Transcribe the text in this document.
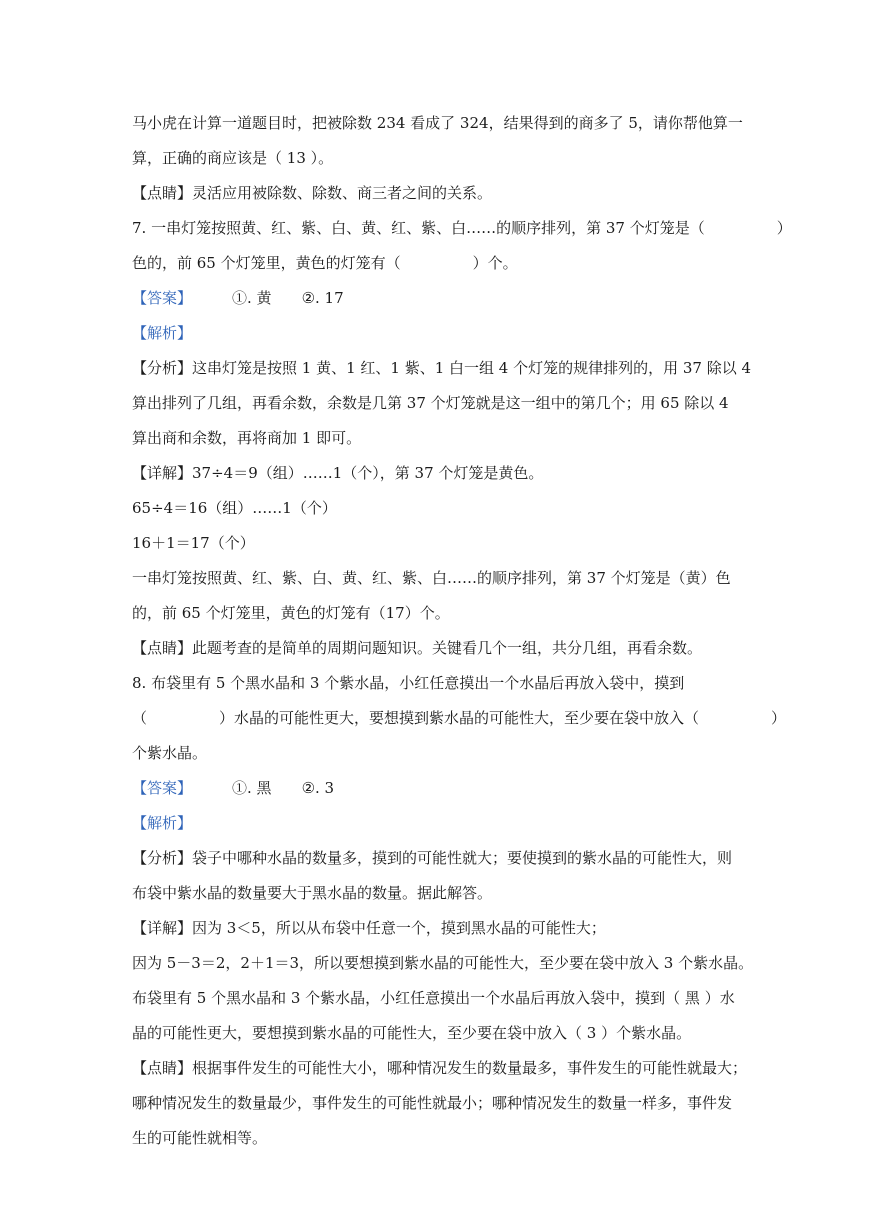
马小虎在计算一道题目时，把被除数 234 看成了 324，结果得到的商多了 5，请你帮他算一
算，正确的商应该是（ 13 ）。
【点睛】灵活应用被除数、除数、商三者之间的关系。
7. 一串灯笼按照黄、红、紫、白、黄、红、紫、白……的顺序排列，第 37 个灯笼是（	）
色的，前 65 个灯笼里，黄色的灯笼有（	）个。
【答案】	①. 黄 ②. 17
【解析】
【分析】这串灯笼是按照 1 黄、1 红、1 紫、1 白一组 4 个灯笼的规律排列的，用 37 除以 4
算出排列了几组，再看余数，余数是几第 37 个灯笼就是这一组中的第几个；用 65 除以 4
算出商和余数，再将商加 1 即可。
【详解】37÷4＝9（组）……1（个），第 37 个灯笼是黄色。
65÷4＝16（组）……1（个）
16＋1＝17（个）
一串灯笼按照黄、红、紫、白、黄、红、紫、白……的顺序排列，第 37 个灯笼是（黄）色
的，前 65 个灯笼里，黄色的灯笼有（17）个。
【点睛】此题考查的是简单的周期问题知识。关键看几个一组，共分几组，再看余数。
8. 布袋里有 5 个黑水晶和 3 个紫水晶，小红任意摸出一个水晶后再放入袋中，摸到
（	）水晶的可能性更大，要想摸到紫水晶的可能性大，至少要在袋中放入（	）
个紫水晶。
【答案】	①. 黑 ②. 3
【解析】
【分析】袋子中哪种水晶的数量多，摸到的可能性就大；要使摸到的紫水晶的可能性大，则
布袋中紫水晶的数量要大于黑水晶的数量。据此解答。
【详解】因为 3＜5，所以从布袋中任意一个，摸到黑水晶的可能性大；
因为 5－3＝2，2＋1＝3，所以要想摸到紫水晶的可能性大，至少要在袋中放入 3 个紫水晶。
布袋里有 5 个黑水晶和 3 个紫水晶，小红任意摸出一个水晶后再放入袋中，摸到（ 黑 ）水
晶的可能性更大，要想摸到紫水晶的可能性大，至少要在袋中放入（ 3 ）个紫水晶。
【点睛】根据事件发生的可能性大小，哪种情况发生的数量最多，事件发生的可能性就最大；
哪种情况发生的数量最少，事件发生的可能性就最小；哪种情况发生的数量一样多，事件发
生的可能性就相等。
